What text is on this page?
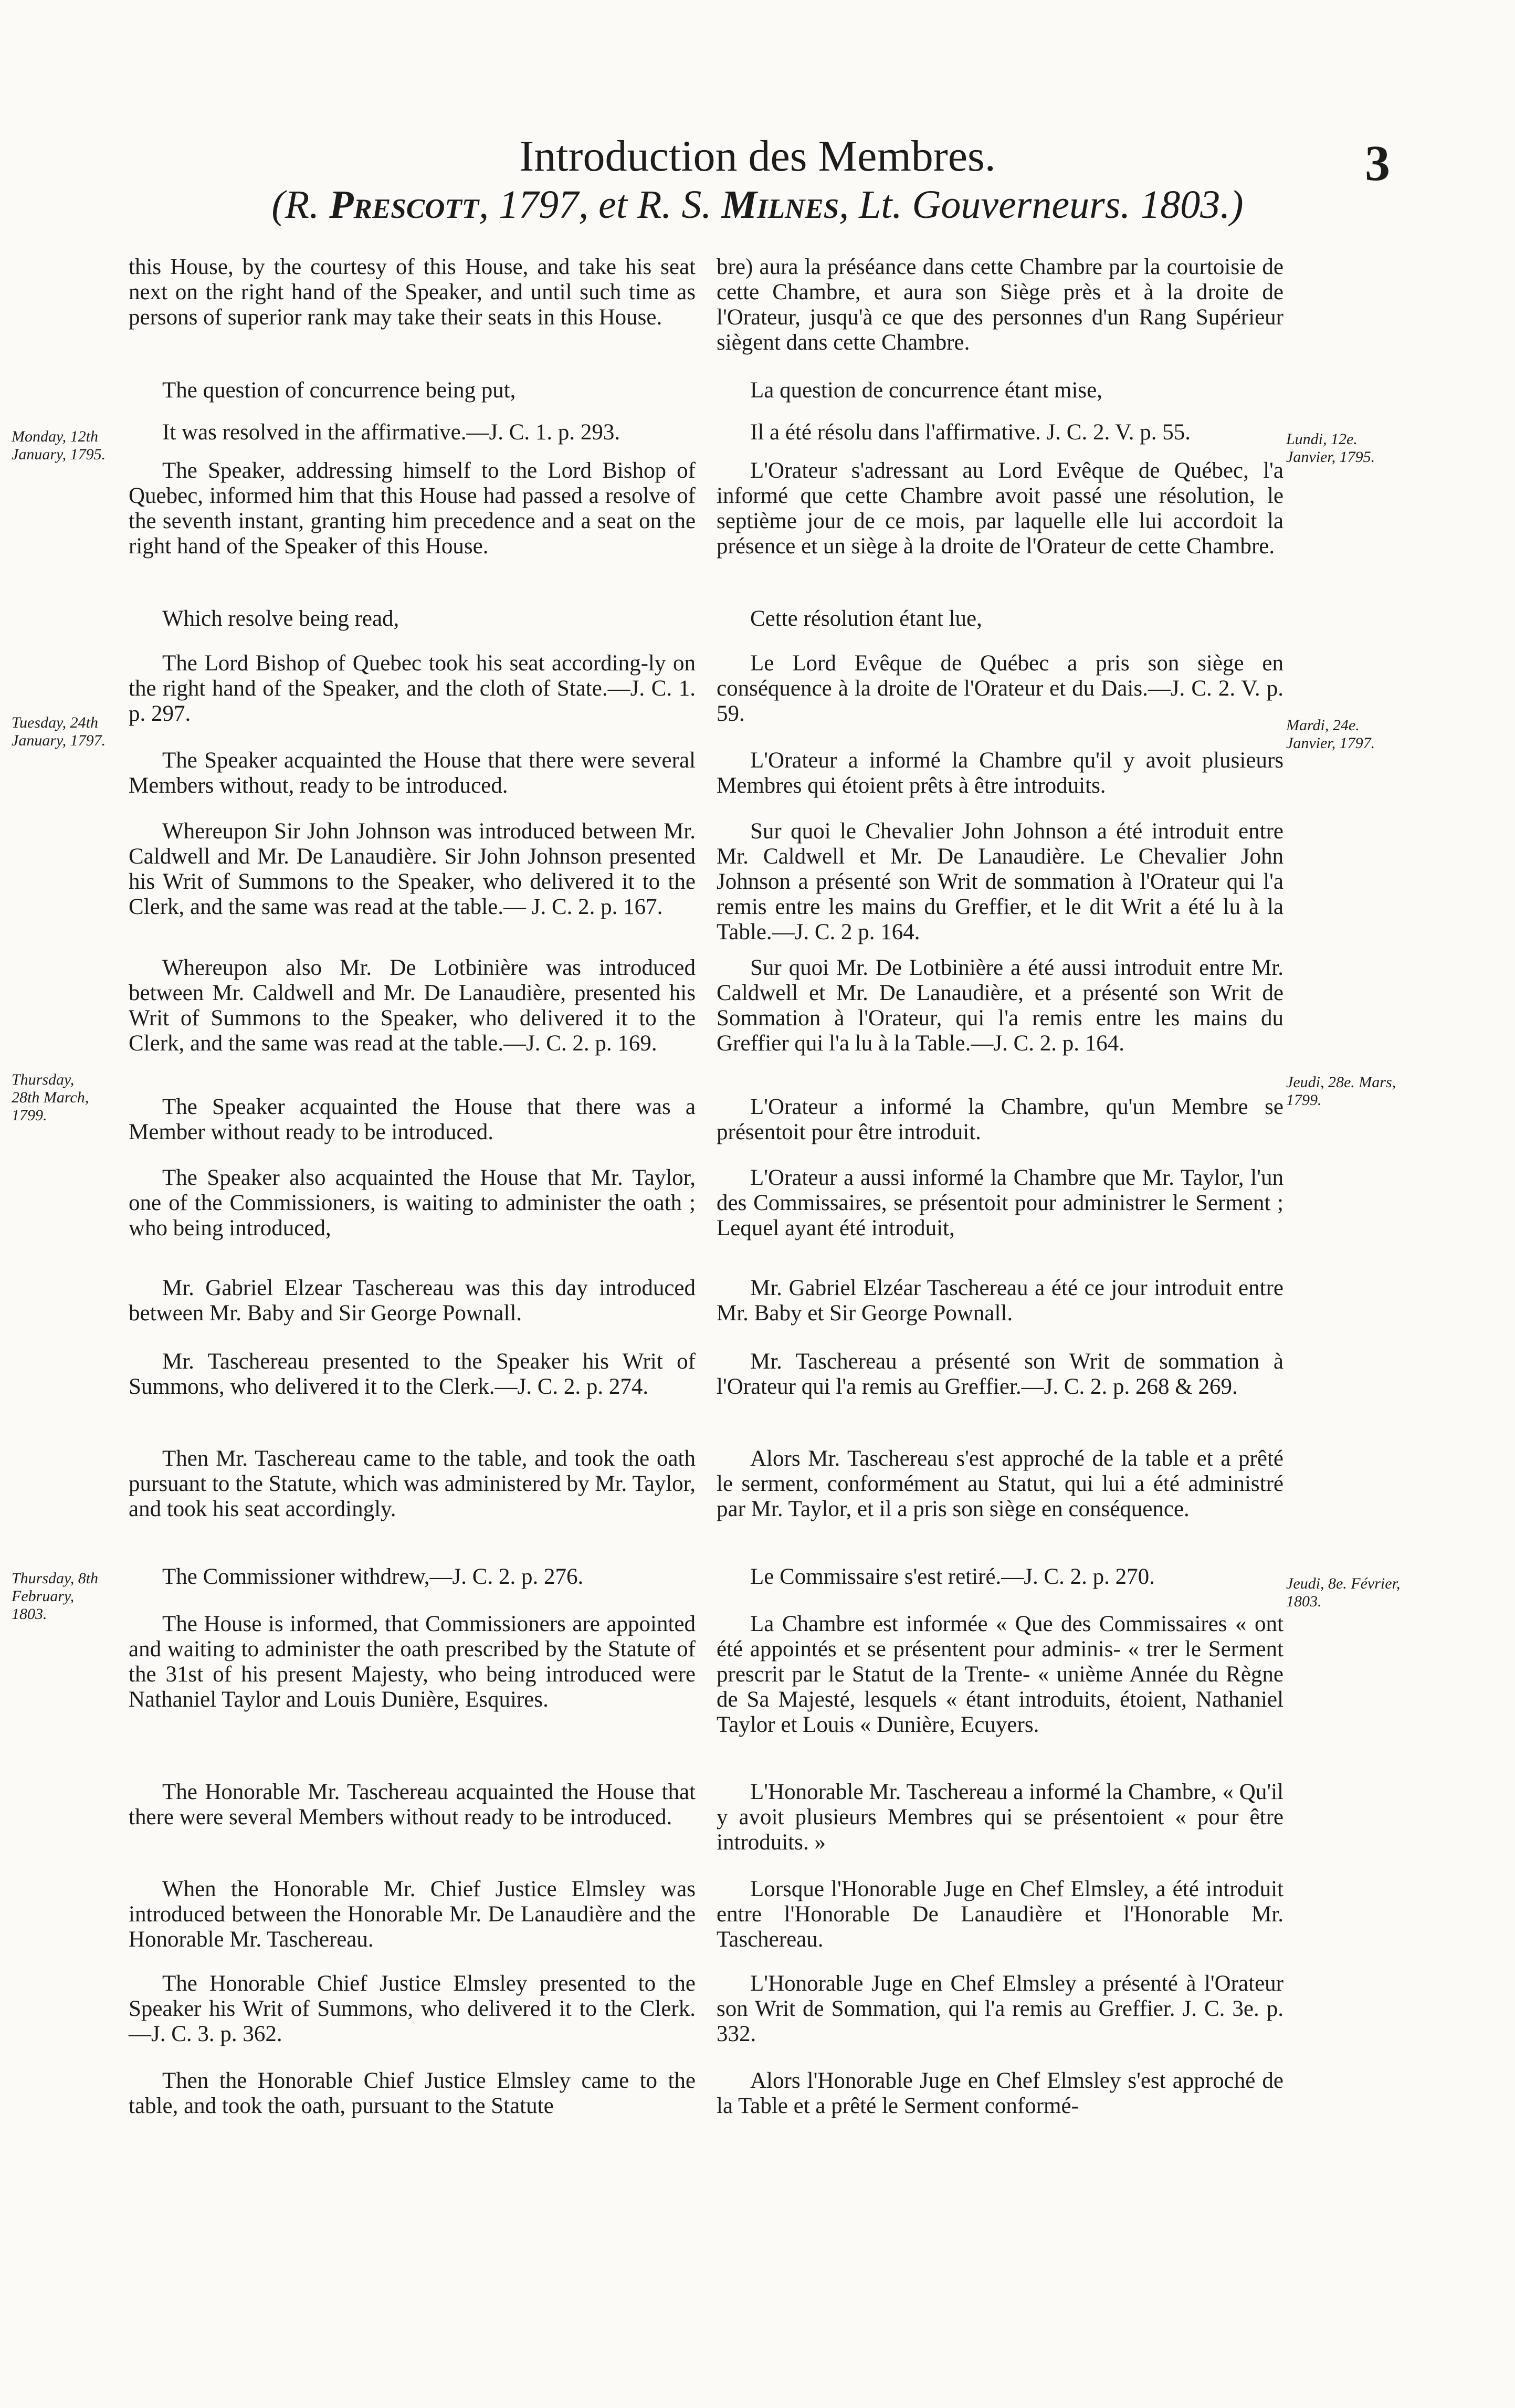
Introduction des Membres.
(R. Prescott, 1797, et R. S. Milnes, Lt. Gouverneurs. 1803.)
3

this House, by the courtesy of this House, and take his seat next on the right hand of the Speaker, and until such time as persons of superior rank may take their seats in this House.

The question of concurrence being put,

It was resolved in the affirmative.—J. C. 1. p. 293.

The Speaker, addressing himself to the Lord Bishop of Quebec, informed him that this House had passed a resolve of the seventh instant, granting him precedence and a seat on the right hand of the Speaker of this House.

Which resolve being read,

The Lord Bishop of Quebec took his seat according-ly on the right hand of the Speaker, and the cloth of State.—J. C. 1. p. 297.

The Speaker acquainted the House that there were several Members without, ready to be introduced.

Whereupon Sir John Johnson was introduced between Mr. Caldwell and Mr. De Lanaudière. Sir John Johnson presented his Writ of Summons to the Speaker, who delivered it to the Clerk, and the same was read at the table.— J. C. 2. p. 167.

Whereupon also Mr. De Lotbinière was introduced between Mr. Caldwell and Mr. De Lanaudière, presented his Writ of Summons to the Speaker, who delivered it to the Clerk, and the same was read at the table.—J. C. 2. p. 169.

The Speaker acquainted the House that there was a Member without ready to be introduced.

The Speaker also acquainted the House that Mr. Taylor, one of the Commissioners, is waiting to administer the oath ; who being introduced,

Mr. Gabriel Elzear Taschereau was this day introduced between Mr. Baby and Sir George Pownall.

Mr. Taschereau presented to the Speaker his Writ of Summons, who delivered it to the Clerk.—J. C. 2. p. 274.

Then Mr. Taschereau came to the table, and took the oath pursuant to the Statute, which was administered by Mr. Taylor, and took his seat accordingly.

The Commissioner withdrew,—J. C. 2. p. 276.

The House is informed, that Commissioners are appointed and waiting to administer the oath prescribed by the Statute of the 31st of his present Majesty, who being introduced were Nathaniel Taylor and Louis Dunière, Esquires.

The Honorable Mr. Taschereau acquainted the House that there were several Members without ready to be introduced.

When the Honorable Mr. Chief Justice Elmsley was introduced between the Honorable Mr. De Lanaudière and the Honorable Mr. Taschereau.

The Honorable Chief Justice Elmsley presented to the Speaker his Writ of Summons, who delivered it to the Clerk.—J. C. 3. p. 362.

Then the Honorable Chief Justice Elmsley came to the table, and took the oath, pursuant to the Statute

bre) aura la préséance dans cette Chambre par la courtoisie de cette Chambre, et aura son Siège près et à la droite de l'Orateur, jusqu'à ce que des personnes d'un Rang Supérieur siègent dans cette Chambre.

La question de concurrence étant mise,

Il a été résolu dans l'affirmative. J. C. 2. V. p. 55.

L'Orateur s'adressant au Lord Evêque de Québec, l'a informé que cette Chambre avoit passé une résolution, le septième jour de ce mois, par laquelle elle lui accordoit la présence et un siège à la droite de l'Orateur de cette Chambre.

Cette résolution étant lue,

Le Lord Evêque de Québec a pris son siège en conséquence à la droite de l'Orateur et du Dais.—J. C. 2. V. p. 59.

L'Orateur a informé la Chambre qu'il y avoit plusieurs Membres qui étoient prêts à être introduits.

Sur quoi le Chevalier John Johnson a été introduit entre Mr. Caldwell et Mr. De Lanaudière. Le Chevalier John Johnson a présenté son Writ de sommation à l'Orateur qui l'a remis entre les mains du Greffier, et le dit Writ a été lu à la Table.—J. C. 2 p. 164.

Sur quoi Mr. De Lotbinière a été aussi introduit entre Mr. Caldwell et Mr. De Lanaudière, et a présenté son Writ de Sommation à l'Orateur, qui l'a remis entre les mains du Greffier qui l'a lu à la Table.—J. C. 2. p. 164.

L'Orateur a informé la Chambre, qu'un Membre se présentoit pour être introduit.

L'Orateur a aussi informé la Chambre que Mr. Taylor, l'un des Commissaires, se présentoit pour administrer le Serment ; Lequel ayant été introduit,

Mr. Gabriel Elzéar Taschereau a été ce jour introduit entre Mr. Baby et Sir George Pownall.

Mr. Taschereau a présenté son Writ de sommation à l'Orateur qui l'a remis au Greffier.—J. C. 2. p. 268 & 269.

Alors Mr. Taschereau s'est approché de la table et a prêté le serment, conformément au Statut, qui lui a été administré par Mr. Taylor, et il a pris son siège en conséquence.

Le Commissaire s'est retiré.—J. C. 2. p. 270.

La Chambre est informée « Que des Commissaires « ont été appointés et se présentent pour adminis- « trer le Serment prescrit par le Statut de la Trente- « unième Année du Règne de Sa Majesté, lesquels « étant introduits, étoient, Nathaniel Taylor et Louis « Dunière, Ecuyers.

L'Honorable Mr. Taschereau a informé la Chambre, « Qu'il y avoit plusieurs Membres qui se présentoient « pour être introduits. »

Lorsque l'Honorable Juge en Chef Elmsley, a été introduit entre l'Honorable De Lanaudière et l'Honorable Mr. Taschereau.

L'Honorable Juge en Chef Elmsley a présenté à l'Orateur son Writ de Sommation, qui l'a remis au Greffier. J. C. 3e. p. 332.

Alors l'Honorable Juge en Chef Elmsley s'est approché de la Table et a prêté le Serment conformé-

Monday, 12th January, 1795.
Tuesday, 24th January, 1797.
Thursday, 28th March, 1799.
Thursday, 8th February, 1803.
Lundi, 12e. Janvier, 1795.
Mardi, 24e. Janvier, 1797.
Jeudi, 28e. Mars, 1799.
Jeudi, 8e. Février, 1803.
